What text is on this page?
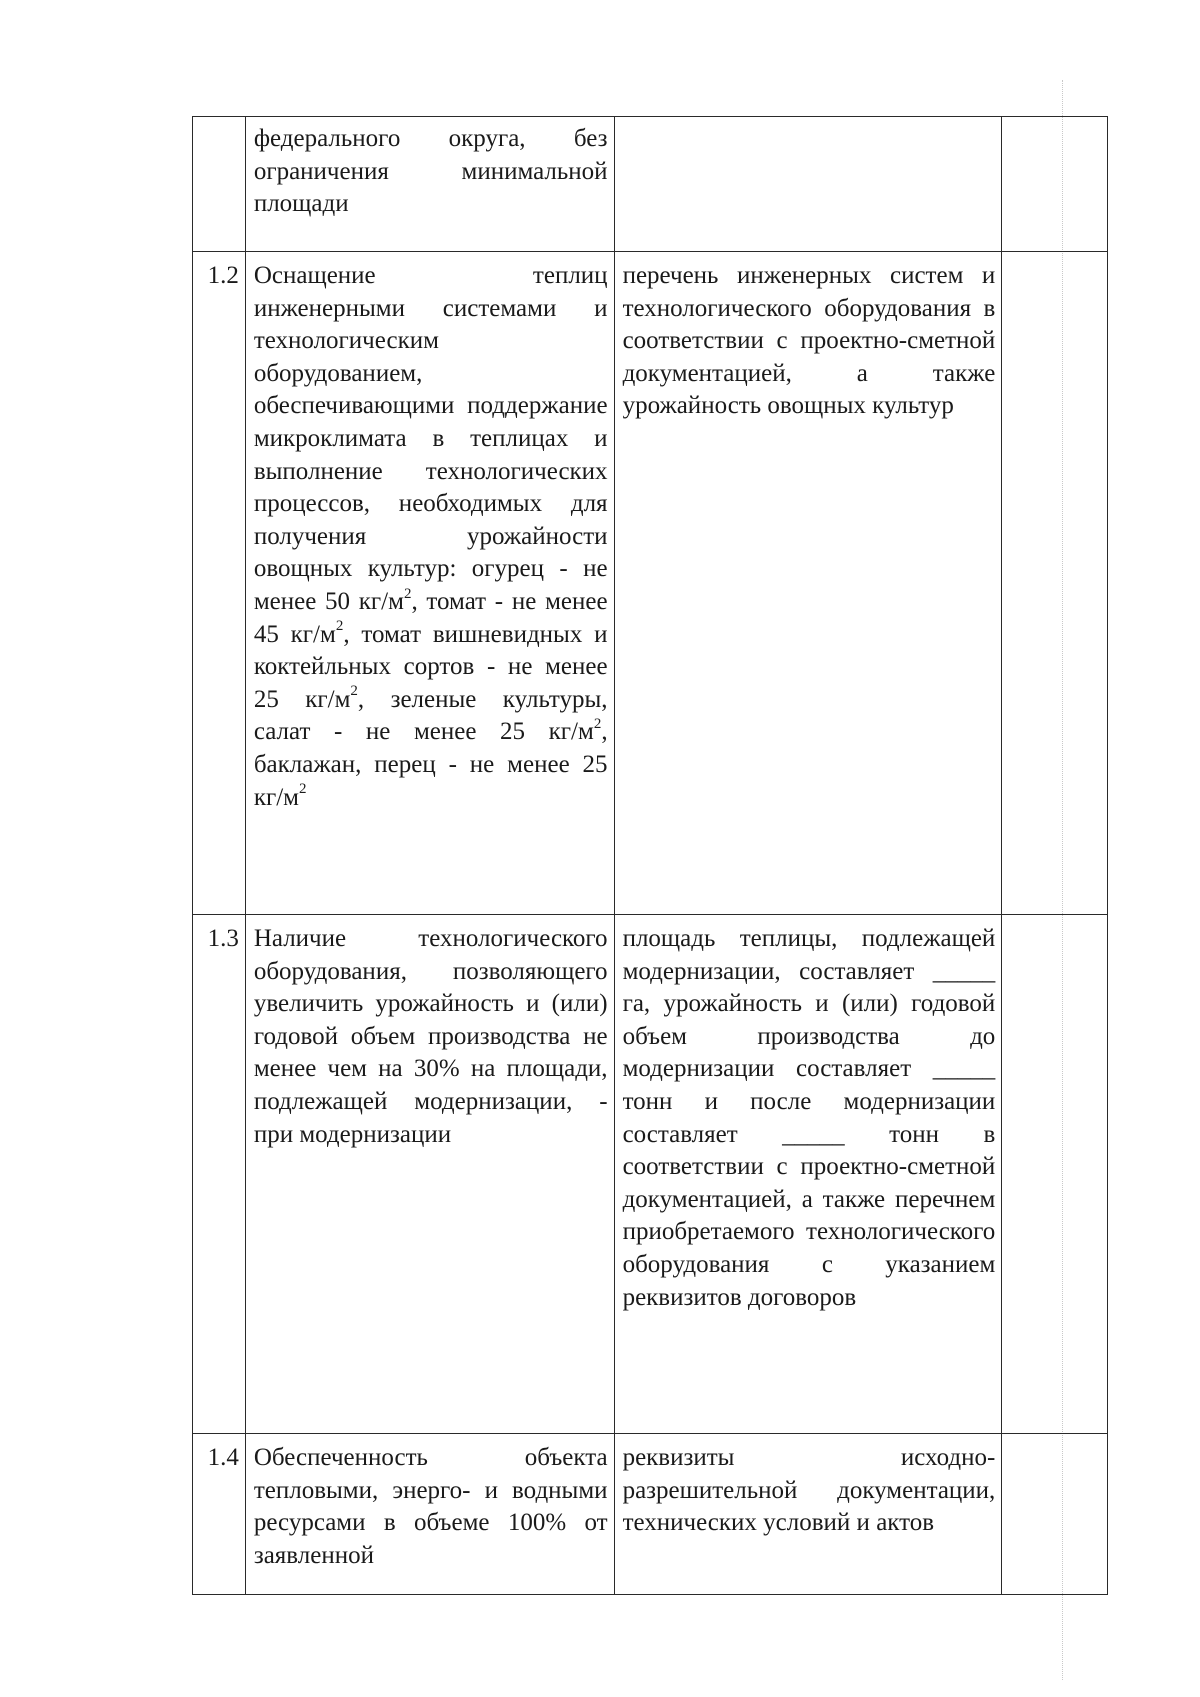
	федерального округа, без ограничения минимальной площади		

1.2	Оснащение теплиц инженерными системами и технологическим оборудованием, обеспечивающими поддержание микроклимата в теплицах и выполнение технологических процессов, необходимых для получения урожайности овощных культур: огурец - не менее 50 $кг/м^2$, томат - не менее 45 $кг/м^2$, томат вишневидных и коктейльных сортов - не менее 25 $кг/м^2$, зеленые культуры, салат - не менее 25 $кг/м^2$, баклажан, перец - не менее 25 $кг/м^2$	перечень инженерных систем и технологического оборудования в соответствии с проектно-сметной документацией, а также урожайность овощных культур	

1.3	Наличие технологического оборудования, позволяющего увеличить урожайность и (или) годовой объем производства не менее чем на 30% на площади, подлежащей модернизации, - при модернизации	площадь теплицы, подлежащей модернизации, составляет _____ га, урожайность и (или) годовой объем производства до модернизации составляет _____ тонн и после модернизации составляет _____ тонн в соответствии с проектно-сметной документацией, а также перечнем приобретаемого технологического оборудования с указанием реквизитов договоров	

1.4	Обеспеченность объекта тепловыми, энерго- и водными ресурсами в объеме 100% от заявленной	реквизиты исходно-разрешительной документации, технических условий и актов	
